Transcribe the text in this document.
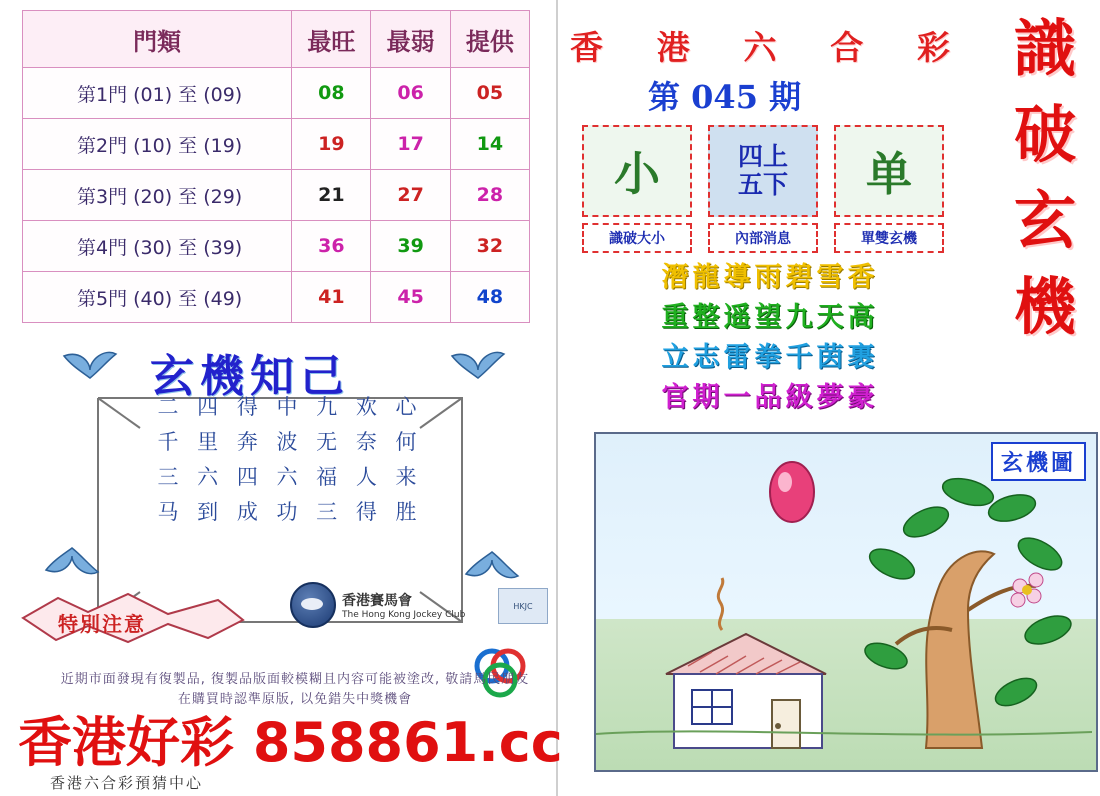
門類	最旺	最弱	提供
第1門 (01) 至 (09)	08	06	05
第2門 (10) 至 (19)	19	17	14
第3門 (20) 至 (29)	21	27	28
第4門 (30) 至 (39)	36	39	32
第5門 (40) 至 (49)	41	45	48
玄機知己
二 四 得 中 九 欢 心
千 里 奔 波 无 奈 何
三 六 四 六 福 人 来
马 到 成 功 三 得 胜
特別注意
香港賽馬會
The Hong Kong Jockey Club
HKJC
近期市面發現有復製品, 復製品版面較模糊且内容可能被塗改, 敬請馬民朋友在購買時認準原版, 以免錯失中獎機會
香 港 六 合 彩
第 045 期
識
破
玄
機
小
識破大小
四上
五下
內部消息
单
單雙玄機
潛龍導雨碧雪香
重整遥望九天高
立志雷拳千茵裹
官期一品級夢豪
玄機圖
香港好彩 858861.cc
香港六合彩預猜中心
